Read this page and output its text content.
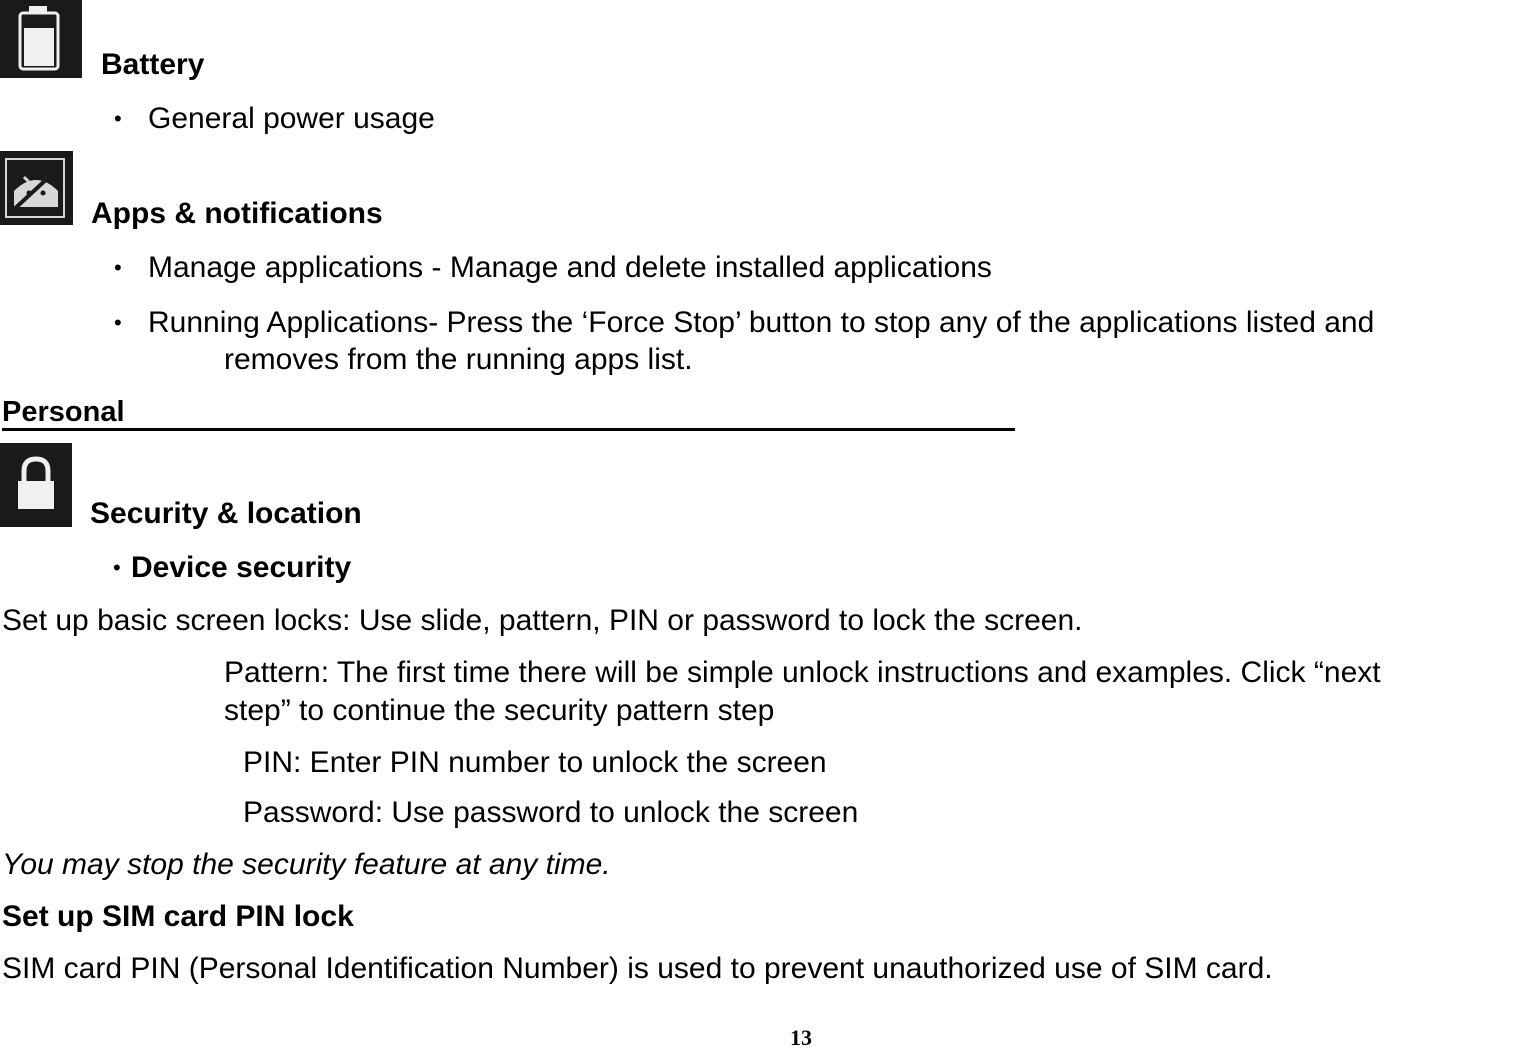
Battery
• General power usage
Apps & notifications
• Manage applications - Manage and delete installed applications
• Running Applications- Press the ‘Force Stop’ button to stop any of the applications listed and
removes from the running apps list.
Personal
Security & location
• Device security
Set up basic screen locks: Use slide, pattern, PIN or password to lock the screen.
Pattern: The first time there will be simple unlock instructions and examples. Click “next
step” to continue the security pattern step
PIN: Enter PIN number to unlock the screen
Password: Use password to unlock the screen
You may stop the security feature at any time.
Set up SIM card PIN lock
SIM card PIN (Personal Identification Number) is used to prevent unauthorized use of SIM card.
13
